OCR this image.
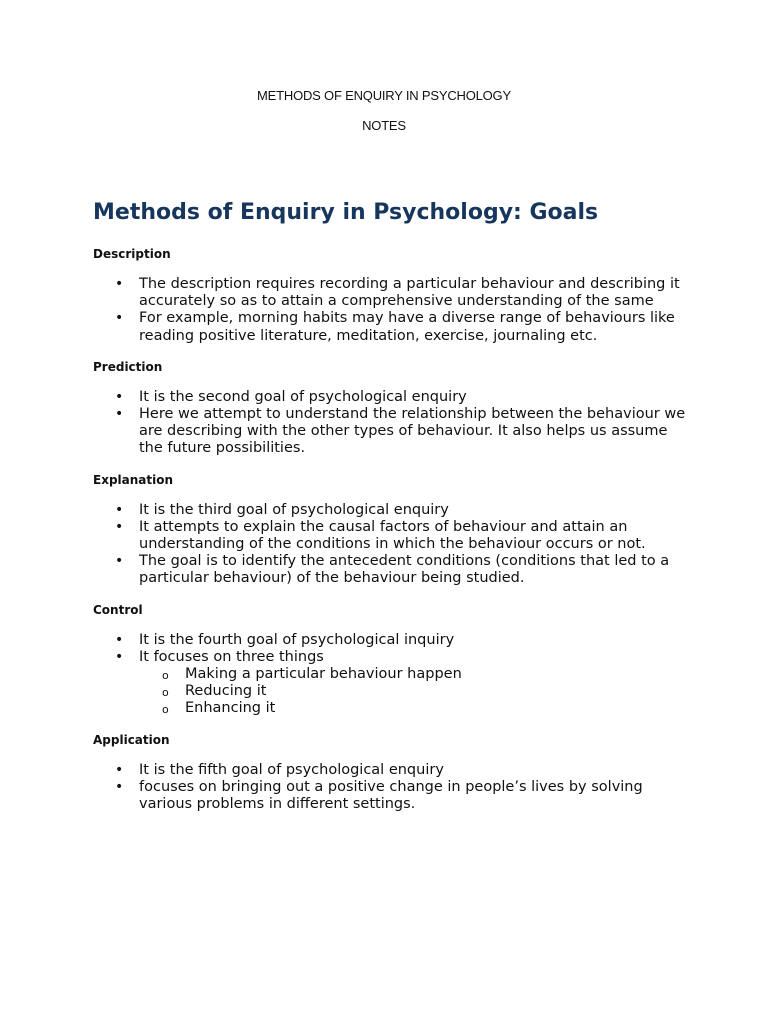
METHODS OF ENQUIRY IN PSYCHOLOGY
NOTES
Methods of Enquiry in Psychology: Goals
Description
• The description requires recording a particular behaviour and describing it accurately so as to attain a comprehensive understanding of the same
• For example, morning habits may have a diverse range of behaviours like reading positive literature, meditation, exercise, journaling etc.
Prediction
• It is the second goal of psychological enquiry
• Here we attempt to understand the relationship between the behaviour we are describing with the other types of behaviour. It also helps us assume the future possibilities.
Explanation
• It is the third goal of psychological enquiry
• It attempts to explain the causal factors of behaviour and attain an understanding of the conditions in which the behaviour occurs or not.
• The goal is to identify the antecedent conditions (conditions that led to a particular behaviour) of the behaviour being studied.
Control
• It is the fourth goal of psychological inquiry
• It focuses on three things
o Making a particular behaviour happen
o Reducing it
o Enhancing it
Application
• It is the fifth goal of psychological enquiry
• focuses on bringing out a positive change in people’s lives by solving various problems in different settings.
